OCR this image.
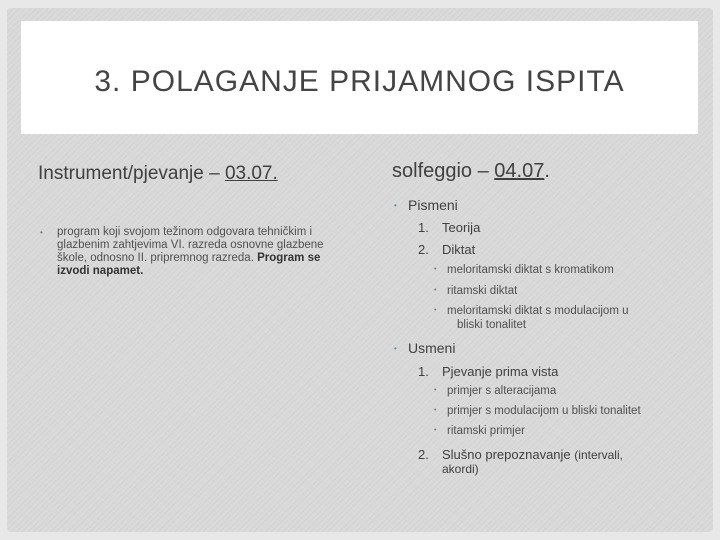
3. POLAGANJE PRIJAMNOG ISPITA
Instrument/pjevanje – 03.07.
• program koji svojom težinom odgovara tehničkim i glazbenim zahtjevima VI. razreda osnovne glazbene škole, odnosno II. pripremnog razreda. Program se izvodi napamet.
solfeggio – 04.07.
• Pismeni
1. Teorija
2. Diktat
• meloritamski diktat s kromatikom
• ritamski diktat
• meloritamski diktat s modulacijom u
bliski tonalitet
• Usmeni
1. Pjevanje prima vista
• primjer s alteracijama
• primjer s modulacijom u bliski tonalitet
• ritamski primjer
2. Slušno prepoznavanje (intervali,
akordi)
